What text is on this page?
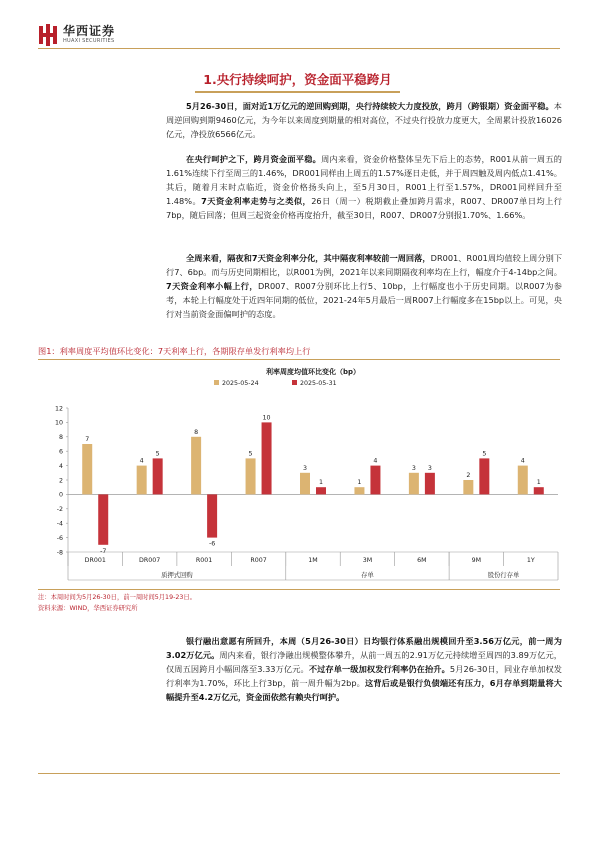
华西证券
HUAXI SECURITIES
1.央行持续呵护，资金面平稳跨月

5月26-30日，面对近1万亿元的逆回购到期，央行持续较大力度投放，跨月（跨银期）资金面平稳。本周逆回购到期9460亿元，为今年以来周度到期量的相对高位，不过央行投放力度更大，全周累计投放16026亿元，净投放6566亿元。

在央行呵护之下，跨月资金面平稳。周内来看，资金价格整体呈先下后上的态势，R001从前一周五的1.61%连续下行至周三的1.46%，DR001同样由上周五的1.57%逐日走低，并于周四触及周内低点1.41%。其后，随着月末时点临近，资金价格扬头向上，至5月30日，R001上行至1.57%，DR001同样回升至1.48%。7天资金利率走势与之类似，26日（周一）税期截止叠加跨月需求，R007、DR007单日均上行7bp，随后回落；但周三起资金价格再度抬升，截至30日，R007、DR007分别报1.70%、1.66%。

全周来看，隔夜和7天资金利率分化，其中隔夜利率较前一周回落，DR001、R001周均值较上周分别下行7、6bp。而与历史同期相比，以R001为例，2021年以来同期隔夜利率均在上行，幅度介于4-14bp之间。7天资金利率小幅上行，DR007、R007分别环比上行5、10bp，上行幅度也小于历史同期。以R007为参考，本轮上行幅度处于近四年同期的低位，2021-24年5月最后一周R007上行幅度多在15bp以上。可见，央行对当前资金面偏呵护的态度。

图1：利率周度平均值环比变化：7天利率上行，各期限存单发行利率均上行
利率周度均值环比变化（bp）
2025-05-24	2025-05-31
-8
-6
-4
-2
0
2
4
6
8
10
12
7
-7
4
5
8
-6
5
10
3
1	1
4
3 3
2
5
4
1
DR001	DR007	R001	R007	1M	3M	6M	9M	1Y
质押式回购	存单	股份行存单
注：本周时间为5月26-30日，前一周时间5月19-23日。
资料来源：WIND，华西证券研究所

银行融出意愿有所回升，本周（5月26-30日）日均银行体系融出规模回升至3.56万亿元，前一周为3.02万亿元。周内来看，银行净融出规模整体攀升，从前一周五的2.91万亿元持续增至周四的3.89万亿元，仅周五因跨月小幅回落至3.33万亿元。不过存单一级加权发行利率仍在抬升。5月26-30日，同业存单加权发行利率为1.70%，环比上行3bp，前一周升幅为2bp。这背后或是银行负债端还有压力，6月存单到期量将大幅提升至4.2万亿元，资金面依然有赖央行呵护。
